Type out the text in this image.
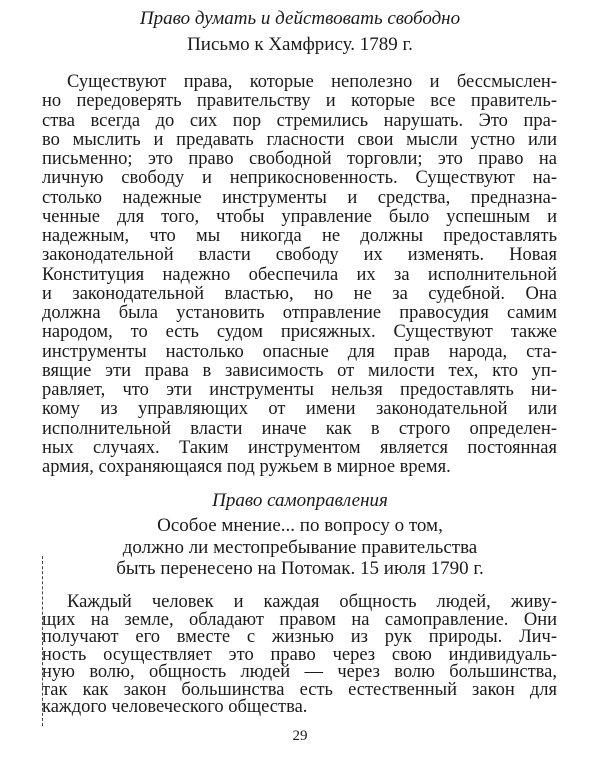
Право думать и действовать свободно
Письмо к Хамфрису. 1789 г.
Существуют права, которые неполезно и бессмыслен-
но передоверять правительству и которые все правитель-
ства всегда до сих пор стремились нарушать. Это пра-
во мыслить и предавать гласности свои мысли устно или
письменно; это право свободной торговли; это право на
личную свободу и неприкосновенность. Существуют на-
столько надежные инструменты и средства, предназна-
ченные для того, чтобы управление было успешным и
надежным, что мы никогда не должны предоставлять
законодательной власти свободу их изменять. Новая
Конституция надежно обеспечила их за исполнительной
и законодательной властью, но не за судебной. Она
должна была установить отправление правосудия самим
народом, то есть судом присяжных. Существуют также
инструменты настолько опасные для прав народа, ста-
вящие эти права в зависимость от милости тех, кто уп-
равляет, что эти инструменты нельзя предоставлять ни-
кому из управляющих от имени законодательной или
исполнительной власти иначе как в строго определен-
ных случаях. Таким инструментом является постоянная
армия, сохраняющаяся под ружьем в мирное время.
Право самоправления
Особое мнение... по вопросу о том,
должно ли местопребывание правительства
быть перенесено на Потомак. 15 июля 1790 г.
Каждый человек и каждая общность людей, живу-
щих на земле, обладают правом на самоправление. Они
получают его вместе с жизнью из рук природы. Лич-
ность осуществляет это право через свою индивидуаль-
ную волю, общность людей — через волю большинства,
так как закон большинства есть естественный закон для
каждого человеческого общества.
29
